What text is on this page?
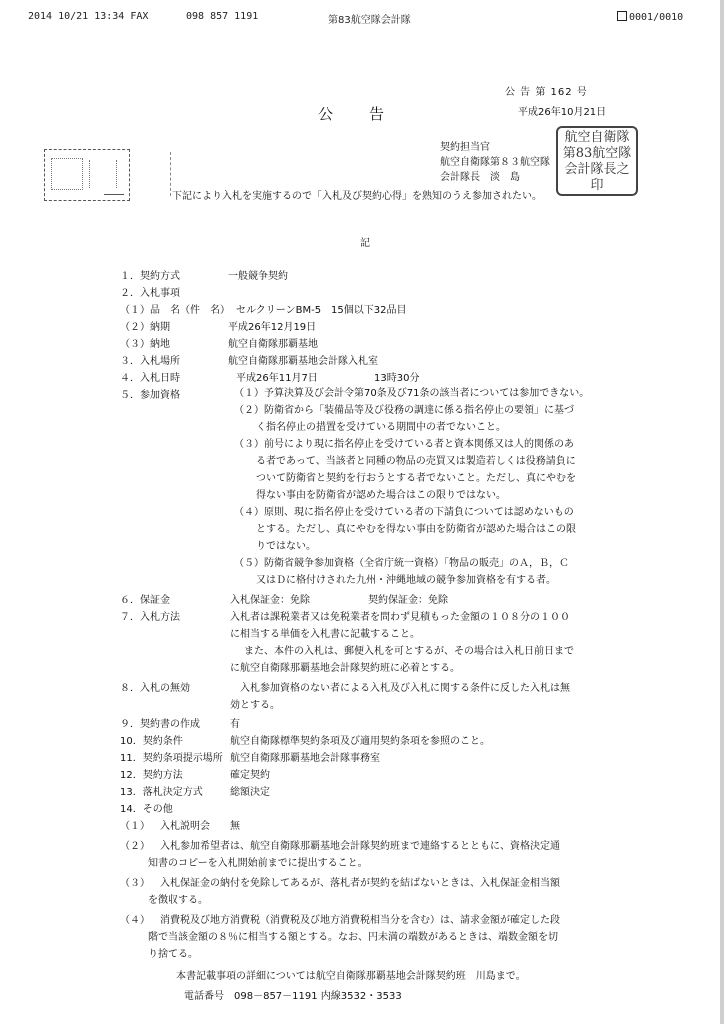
2014 10/21 13:34 FAX	098 857 1191	第83航空隊会計隊	0001/0010
公 告 第 162 号
平成26年10月21日
公　　告
契約担当官
航空自衛隊第８３航空隊
会計隊長　淡　島
航空自衛隊第83航空隊会計隊長之印
下記により入札を実施するので「入札及び契約心得」を熟知のうえ参加されたい。
記
１．契約方式	一般競争契約
２．入札事項
（１）品　名（件　名） セルクリーンBM-5　15個以下32品目
（２）納期	平成26年12月19日
（３）納地	航空自衛隊那覇基地
３．入札場所	航空自衛隊那覇基地会計隊入札室
４．入札日時	平成26年11月7日	13時30分
５．参加資格	（１）予算決算及び会計令第70条及び71条の該当者については参加できない。
（２）防衛省から「装備品等及び役務の調達に係る指名停止の要領」に基づ
く指名停止の措置を受けている期間中の者でないこと。
（３）前号により現に指名停止を受けている者と資本関係又は人的関係のあ
る者であって、当該者と同種の物品の売買又は製造若しくは役務請負に
ついて防衛省と契約を行おうとする者でないこと。ただし、真にやむを
得ない事由を防衛省が認めた場合はこの限りではない。
（４）原則、現に指名停止を受けている者の下請負については認めないもの
とする。ただし、真にやむを得ない事由を防衛省が認めた場合はこの限
りではない。
（５）防衛省競争参加資格（全省庁統一資格）「物品の販売」のＡ，Ｂ，Ｃ
又はＤに格付けされた九州・沖縄地域の競争参加資格を有する者。
６．保証金	入札保証金：免除	契約保証金：免除
７．入札方法	入札者は課税業者又は免税業者を問わず見積もった金額の１０８分の１００
に相当する単価を入札書に記載すること。
また、本件の入札は、郵便入札を可とするが、その場合は入札日前日まで
に航空自衛隊那覇基地会計隊契約班に必着とする。
８．入札の無効	入札参加資格のない者による入札及び入札に関する条件に反した入札は無
効とする。
９．契約書の作成	有
10．契約条件	航空自衛隊標準契約条項及び適用契約条項を参照のこと。
11．契約条項提示場所 航空自衛隊那覇基地会計隊事務室
12．契約方法	確定契約
13．落札決定方式	総額決定
14．その他
（１） 入札説明会　　無
（２） 入札参加希望者は、航空自衛隊那覇基地会計隊契約班まで連絡するとともに、資格決定通
知書のコピーを入札開始前までに提出すること。
（３） 入札保証金の納付を免除してあるが、落札者が契約を結ばないときは、入札保証金相当額
を徴収する。
（４） 消費税及び地方消費税（消費税及び地方消費税相当分を含む）は、請求金額が確定した段
階で当該金額の８％に相当する額とする。なお、円未満の端数があるときは、端数金額を切
り捨てる。
本書記載事項の詳細については航空自衛隊那覇基地会計隊契約班　川島まで。
電話番号　098－857－1191 内線3532・3533
